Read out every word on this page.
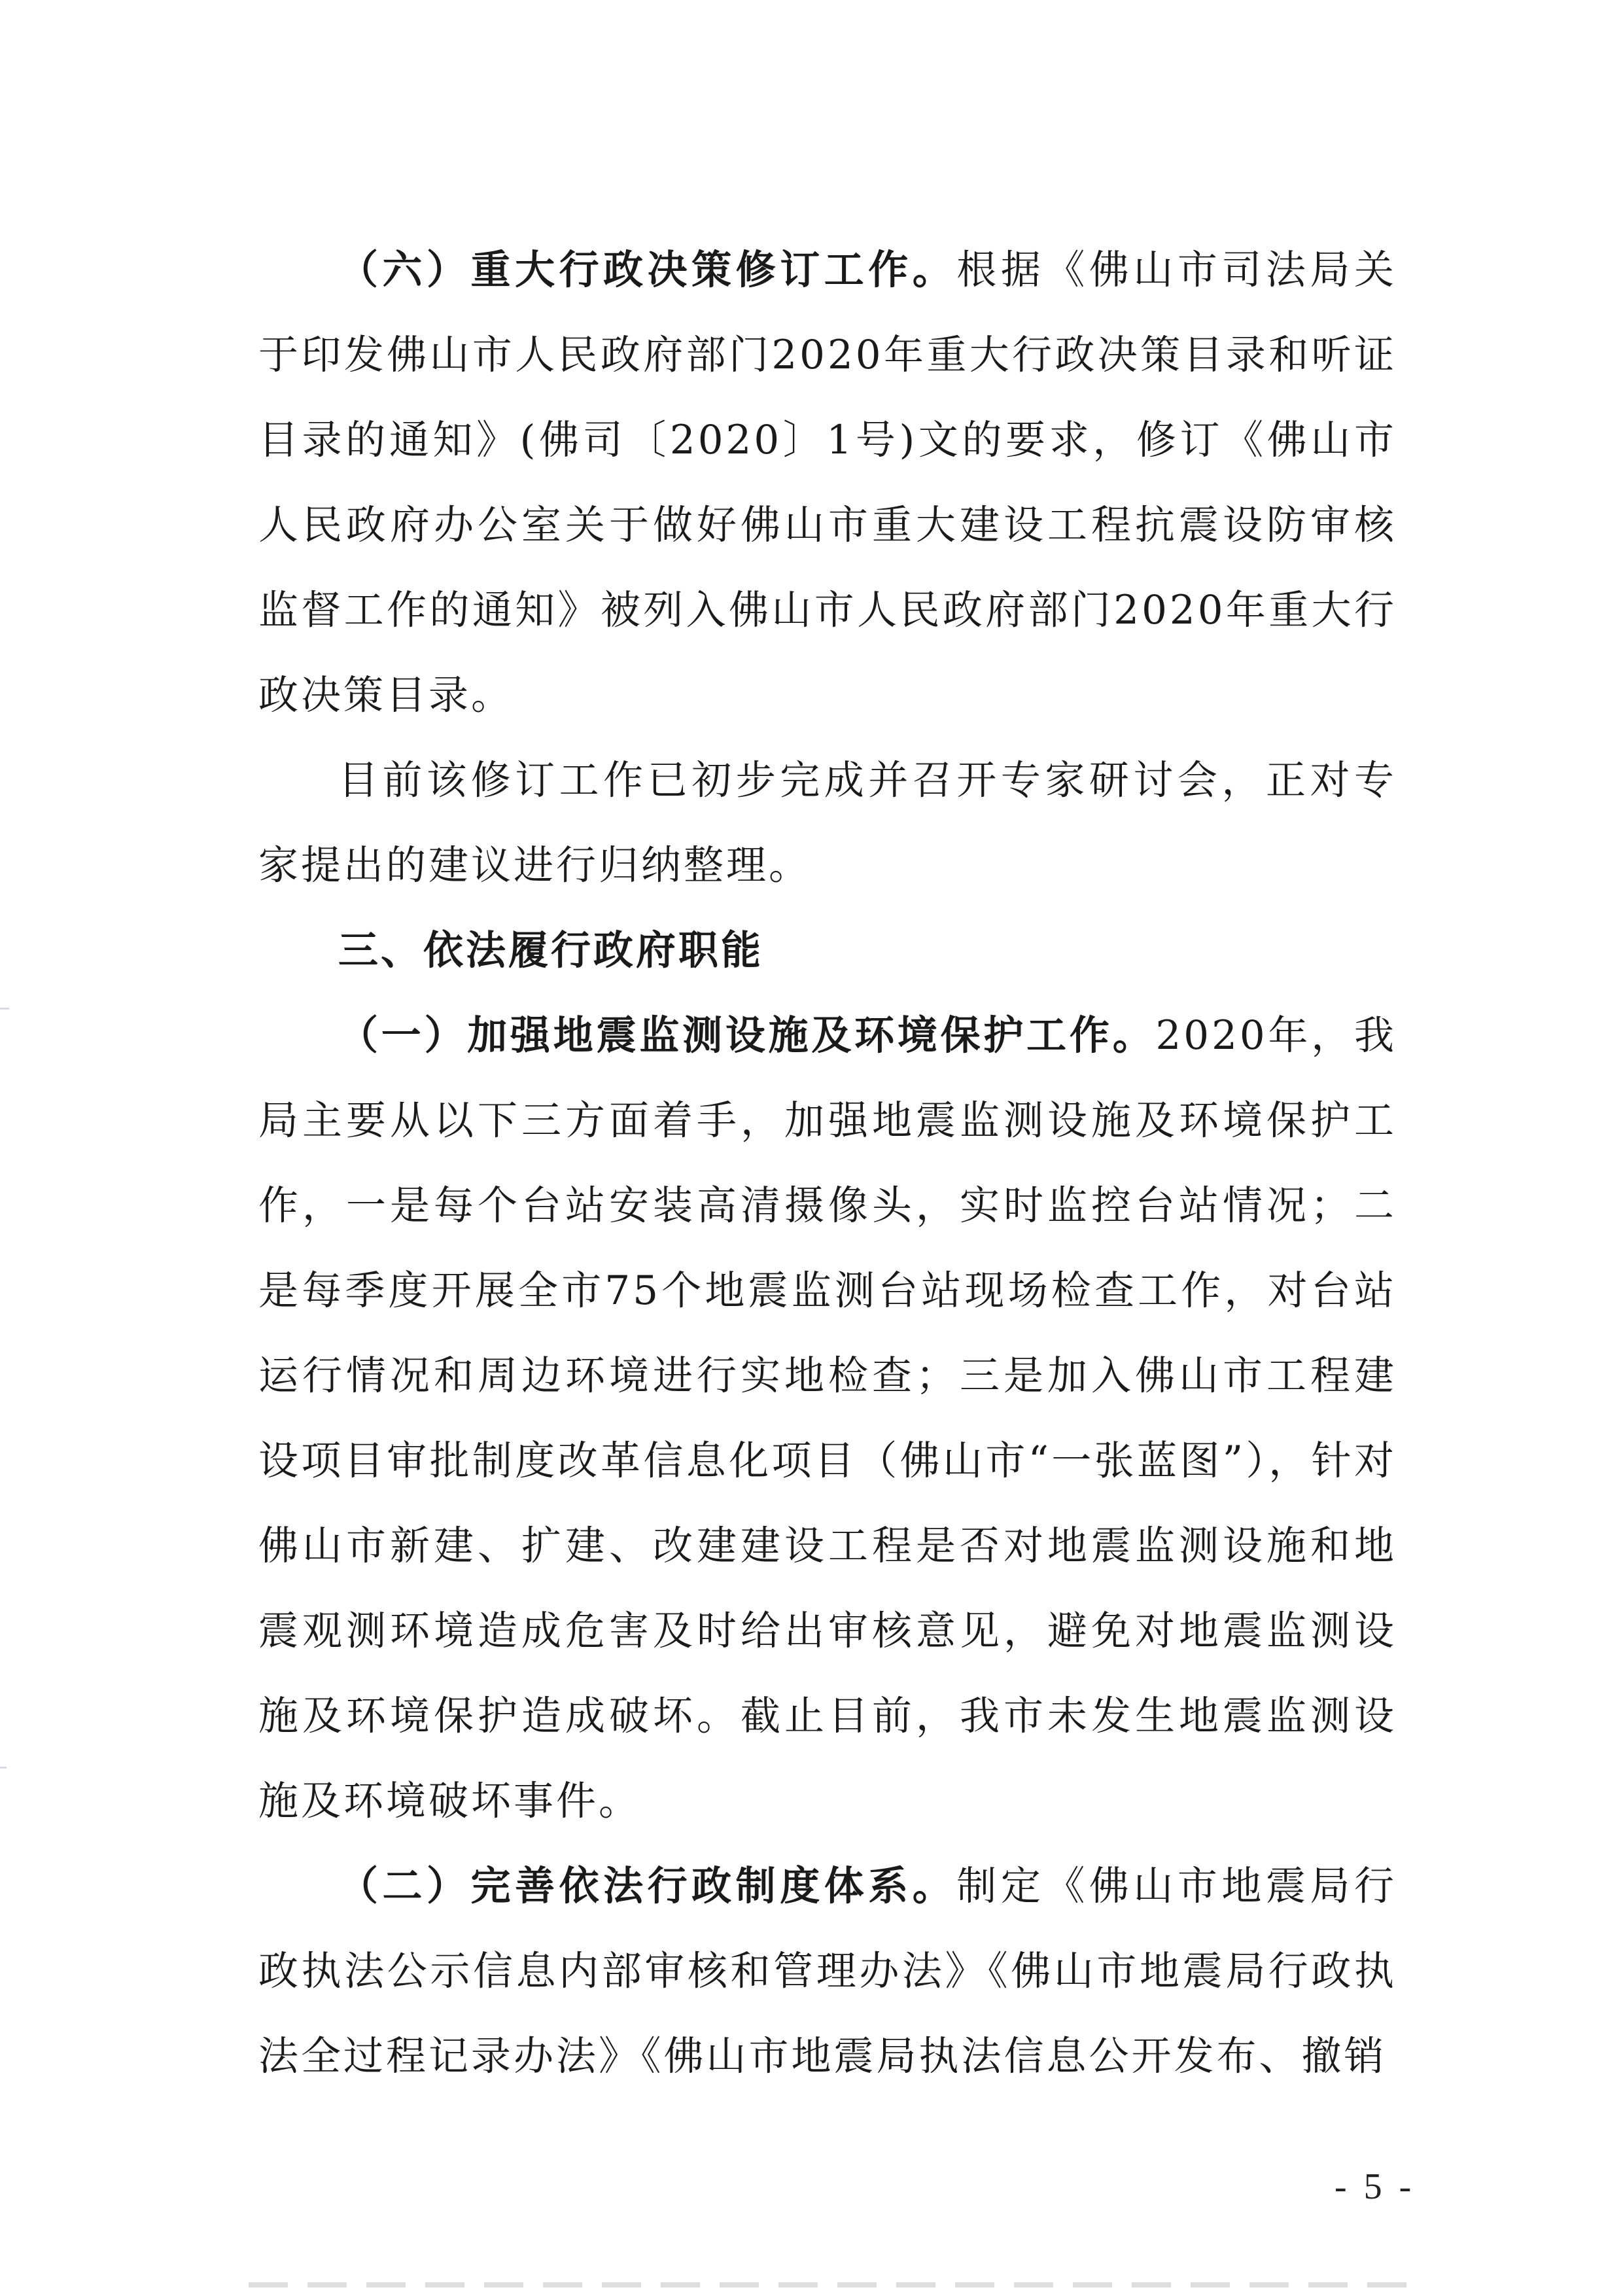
（六）重大行政决策修订工作。根据《佛山市司法局关于印发佛山市人民政府部门2020年重大行政决策目录和听证目录的通知》(佛司〔2020〕1号)文的要求，修订《佛山市人民政府办公室关于做好佛山市重大建设工程抗震设防审核监督工作的通知》被列入佛山市人民政府部门2020年重大行政决策目录。

目前该修订工作已初步完成并召开专家研讨会，正对专家提出的建议进行归纳整理。

三、依法履行政府职能

（一）加强地震监测设施及环境保护工作。2020年，我局主要从以下三方面着手，加强地震监测设施及环境保护工作，一是每个台站安装高清摄像头，实时监控台站情况；二是每季度开展全市75个地震监测台站现场检查工作，对台站运行情况和周边环境进行实地检查；三是加入佛山市工程建设项目审批制度改革信息化项目（佛山市“一张蓝图”），针对佛山市新建、扩建、改建建设工程是否对地震监测设施和地震观测环境造成危害及时给出审核意见，避免对地震监测设施及环境保护造成破坏。截止目前，我市未发生地震监测设施及环境破坏事件。

（二）完善依法行政制度体系。制定《佛山市地震局行政执法公示信息内部审核和管理办法》《佛山市地震局行政执法全过程记录办法》《佛山市地震局执法信息公开发布、撤销

- 5 -
